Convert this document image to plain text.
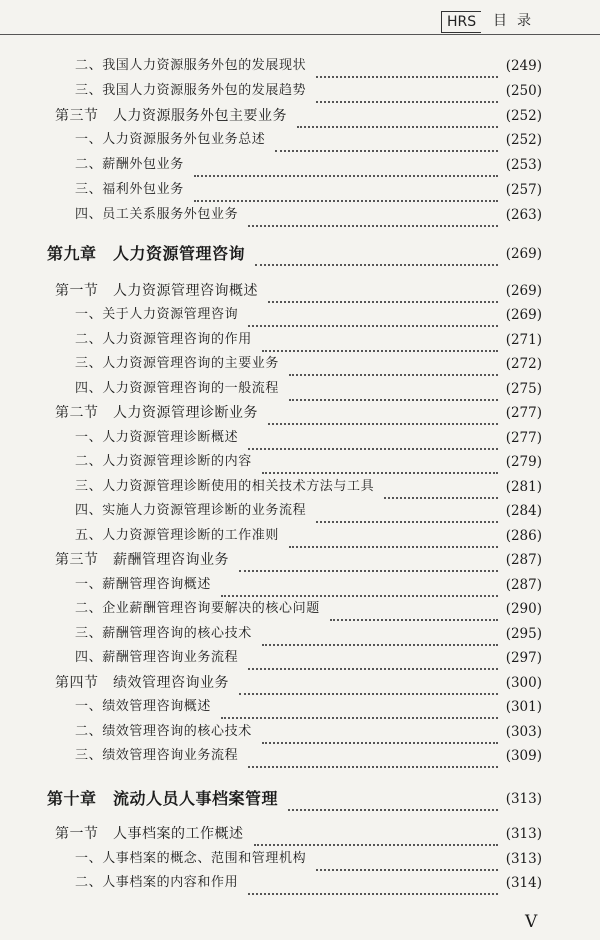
HRS	目录
二、我国人力资源服务外包的发展现状	(249)
三、我国人力资源服务外包的发展趋势	(250)
第三节　人力资源服务外包主要业务	(252)
一、人力资源服务外包业务总述	(252)
二、薪酬外包业务	(253)
三、福利外包业务	(257)
四、员工关系服务外包业务	(263)
第九章　人力资源管理咨询	(269)
第一节　人力资源管理咨询概述	(269)
一、关于人力资源管理咨询	(269)
二、人力资源管理咨询的作用	(271)
三、人力资源管理咨询的主要业务	(272)
四、人力资源管理咨询的一般流程	(275)
第二节　人力资源管理诊断业务	(277)
一、人力资源管理诊断概述	(277)
二、人力资源管理诊断的内容	(279)
三、人力资源管理诊断使用的相关技术方法与工具	(281)
四、实施人力资源管理诊断的业务流程	(284)
五、人力资源管理诊断的工作准则	(286)
第三节　薪酬管理咨询业务	(287)
一、薪酬管理咨询概述	(287)
二、企业薪酬管理咨询要解决的核心问题	(290)
三、薪酬管理咨询的核心技术	(295)
四、薪酬管理咨询业务流程	(297)
第四节　绩效管理咨询业务	(300)
一、绩效管理咨询概述	(301)
二、绩效管理咨询的核心技术	(303)
三、绩效管理咨询业务流程	(309)
第十章　流动人员人事档案管理	(313)
第一节　人事档案的工作概述	(313)
一、人事档案的概念、范围和管理机构	(313)
二、人事档案的内容和作用	(314)
V
